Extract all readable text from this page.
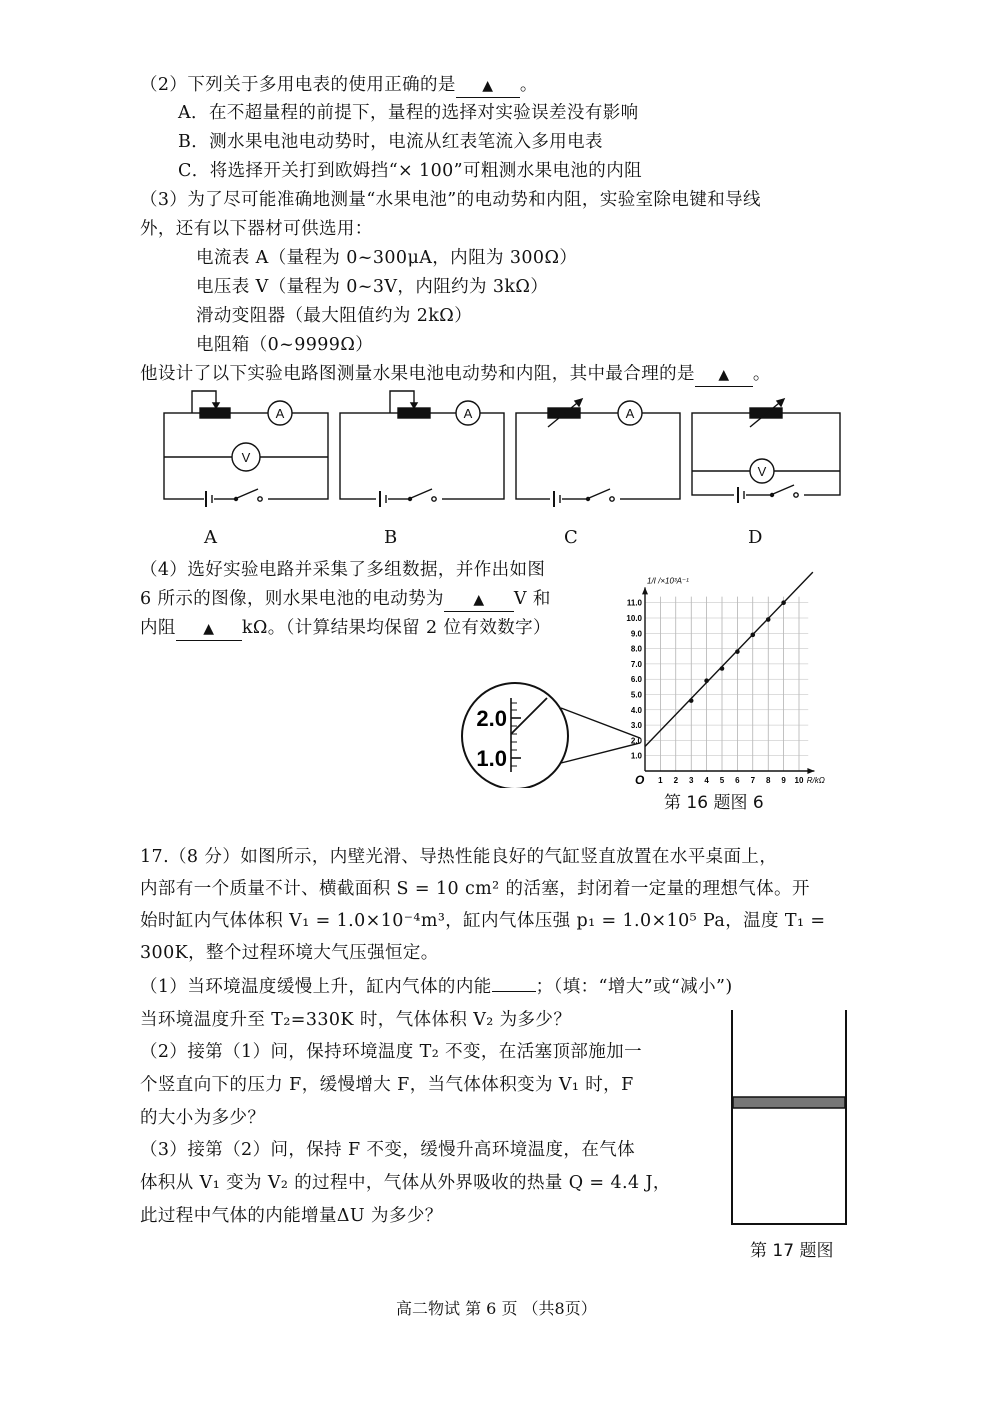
（2）下列关于多用电表的使用正确的是 ▲ 。
A．在不超量程的前提下，量程的选择对实验误差没有影响
B．测水果电池电动势时，电流从红表笔流入多用电表
C．将选择开关打到欧姆挡“× 100”可粗测水果电池的内阻
（3）为了尽可能准确地测量“水果电池”的电动势和内阻，实验室除电键和导线
外，还有以下器材可供选用：
电流表 A（量程为 0~300μA，内阻为 300Ω）
电压表 V（量程为 0~3V，内阻约为 3kΩ）
滑动变阻器（最大阻值约为 2kΩ）
电阻箱（0~9999Ω）
他设计了以下实验电路图测量水果电池电动势和内阻，其中最合理的是 ▲ 。
A
V
A	A
V
A	B	C	D
（4）选好实验电路并采集了多组数据，并作出如图
6 所示的图像，则水果电池的电动势为 ▲ V 和
内阻 ▲ kΩ。（计算结果均保留 2 位有效数字）
2.0
1.0
1 2 3 4 5 6 7 8 9 10
1.0
2.0
3.0
4.0
5.0
6.0
7.0
8.0
9.0
10.0
11.0
O	R/kΩ
1/I /×10³A⁻¹
第 16 题图 6
17.（8 分）如图所示，内壁光滑、导热性能良好的气缸竖直放置在水平桌面上，
内部有一个质量不计、横截面积 S = 10 cm² 的活塞，封闭着一定量的理想气体。开
始时缸内气体体积 V₁ = 1.0×10⁻⁴m³，缸内气体压强 p₁ = 1.0×10⁵ Pa，温度 T₁ =
300K，整个过程环境大气压强恒定。
（1）当环境温度缓慢上升，缸内气体的内能	；（填：“增大”或“减小”)
当环境温度升至 T₂=330K 时，气体体积 V₂ 为多少？
（2）接第（1）问，保持环境温度 T₂ 不变，在活塞顶部施加一
个竖直向下的压力 F，缓慢增大 F，当气体体积变为 V₁ 时，F
的大小为多少？
（3）接第（2）问，保持 F 不变，缓慢升高环境温度，在气体
体积从 V₁ 变为 V₂ 的过程中，气体从外界吸收的热量 Q = 4.4 J，
此过程中气体的内能增量ΔU 为多少？
第 17 题图
高二物试 第 6 页 （共8页）
